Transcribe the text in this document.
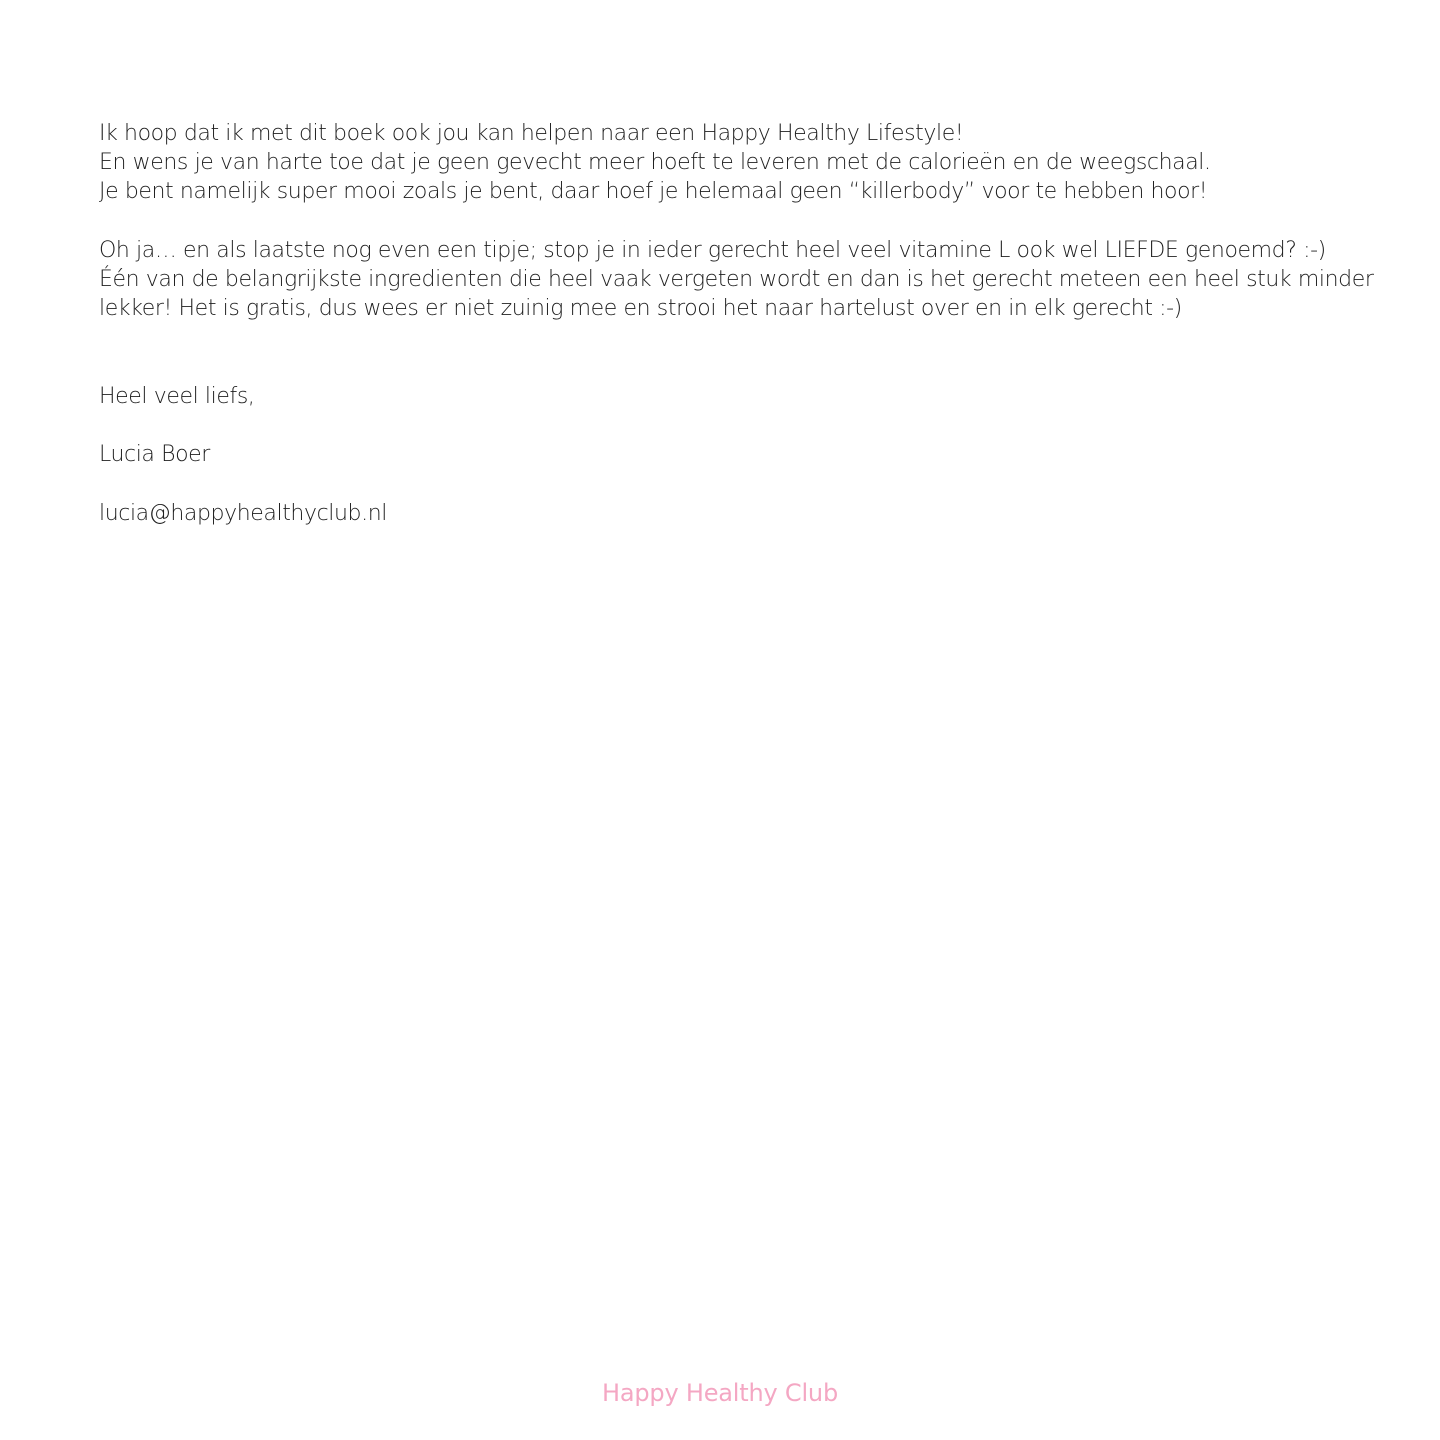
Ik hoop dat ik met dit boek ook jou kan helpen naar een Happy Healthy Lifestyle!
En wens je van harte toe dat je geen gevecht meer hoeft te leveren met de calorieën en de weegschaal.
Je bent namelijk super mooi zoals je bent, daar hoef je helemaal geen “killerbody” voor te hebben hoor!
Oh ja… en als laatste nog even een tipje; stop je in ieder gerecht heel veel vitamine L ook wel LIEFDE genoemd? :-)
Één van de belangrijkste ingredienten die heel vaak vergeten wordt en dan is het gerecht meteen een heel stuk minder
lekker! Het is gratis, dus wees er niet zuinig mee en strooi het naar hartelust over en in elk gerecht :-)
Heel veel liefs,
Lucia Boer
lucia@happyhealthyclub.nl
Happy Healthy Club
